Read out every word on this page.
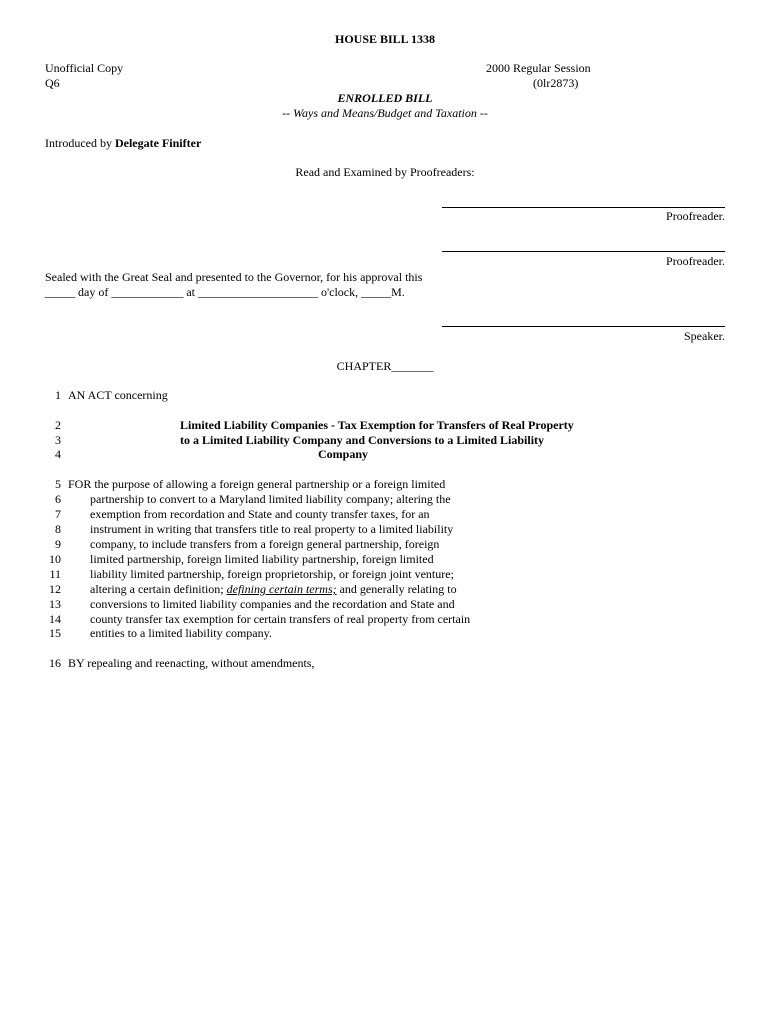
HOUSE BILL 1338
Unofficial Copy
Q6
2000 Regular Session
(0lr2873)
ENROLLED BILL
-- Ways and Means/Budget and Taxation --
Introduced by Delegate Finifter
Read and Examined by Proofreaders:
Proofreader.
Proofreader.
Sealed with the Great Seal and presented to the Governor, for his approval this
_____ day of ____________ at ____________________ o'clock, _____M.
Speaker.
CHAPTER_______
1 AN ACT concerning
2	Limited Liability Companies - Tax Exemption for Transfers of Real Property
3	to a Limited Liability Company and Conversions to a Limited Liability
4	Company
5 FOR the purpose of allowing a foreign general partnership or a foreign limited
6 partnership to convert to a Maryland limited liability company; altering the
7 exemption from recordation and State and county transfer taxes, for an
8 instrument in writing that transfers title to real property to a limited liability
9 company, to include transfers from a foreign general partnership, foreign
10 limited partnership, foreign limited liability partnership, foreign limited
11 liability limited partnership, foreign proprietorship, or foreign joint venture;
12 altering a certain definition; defining certain terms; and generally relating to
13 conversions to limited liability companies and the recordation and State and
14 county transfer tax exemption for certain transfers of real property from certain
15 entities to a limited liability company.
16 BY repealing and reenacting, without amendments,
